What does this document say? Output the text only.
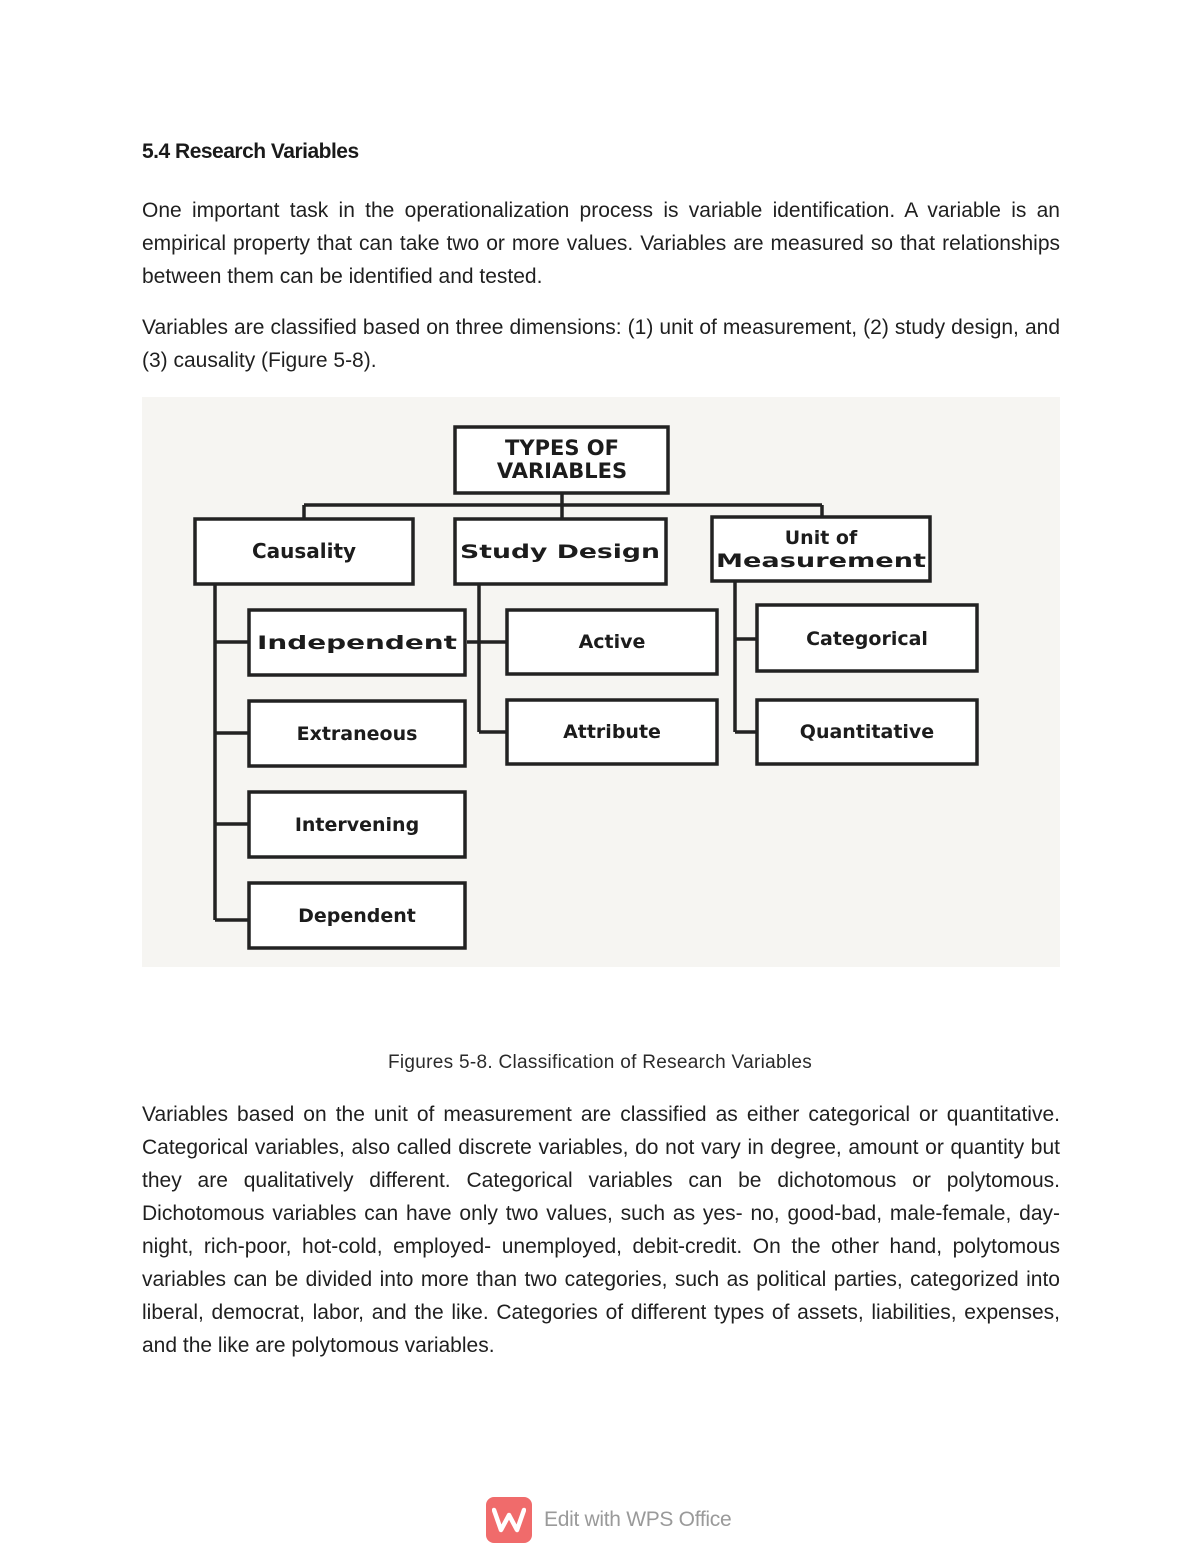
5.4 Research Variables

One important task in the operationalization process is variable identification. A variable is an empirical property that can take two or more values. Variables are measured so that relationships between them can be identified and tested.

Variables are classified based on three dimensions: (1) unit of measurement, (2) study design, and (3) causality (Figure 5-8).

TYPES OF
VARIABLES
Causality	Study Design
Unit of
Measurement
Independent
Extraneous
Intervening
Dependent
Active
Attribute
Categorical
Quantitative
Figures 5-8. Classification of Research Variables

Variables based on the unit of measurement are classified as either categorical or quantitative. Categorical variables, also called discrete variables, do not vary in degree, amount or quantity but they are qualitatively different. Categorical variables can be dichotomous or polytomous. Dichotomous variables can have only two values, such as yes- no, good-bad, male-female, day-night, rich-poor, hot-cold, employed- unemployed, debit-credit. On the other hand, polytomous variables can be divided into more than two categories, such as political parties, categorized into liberal, democrat, labor, and the like. Categories of different types of assets, liabilities, expenses, and the like are polytomous variables.

Edit with WPS Office
